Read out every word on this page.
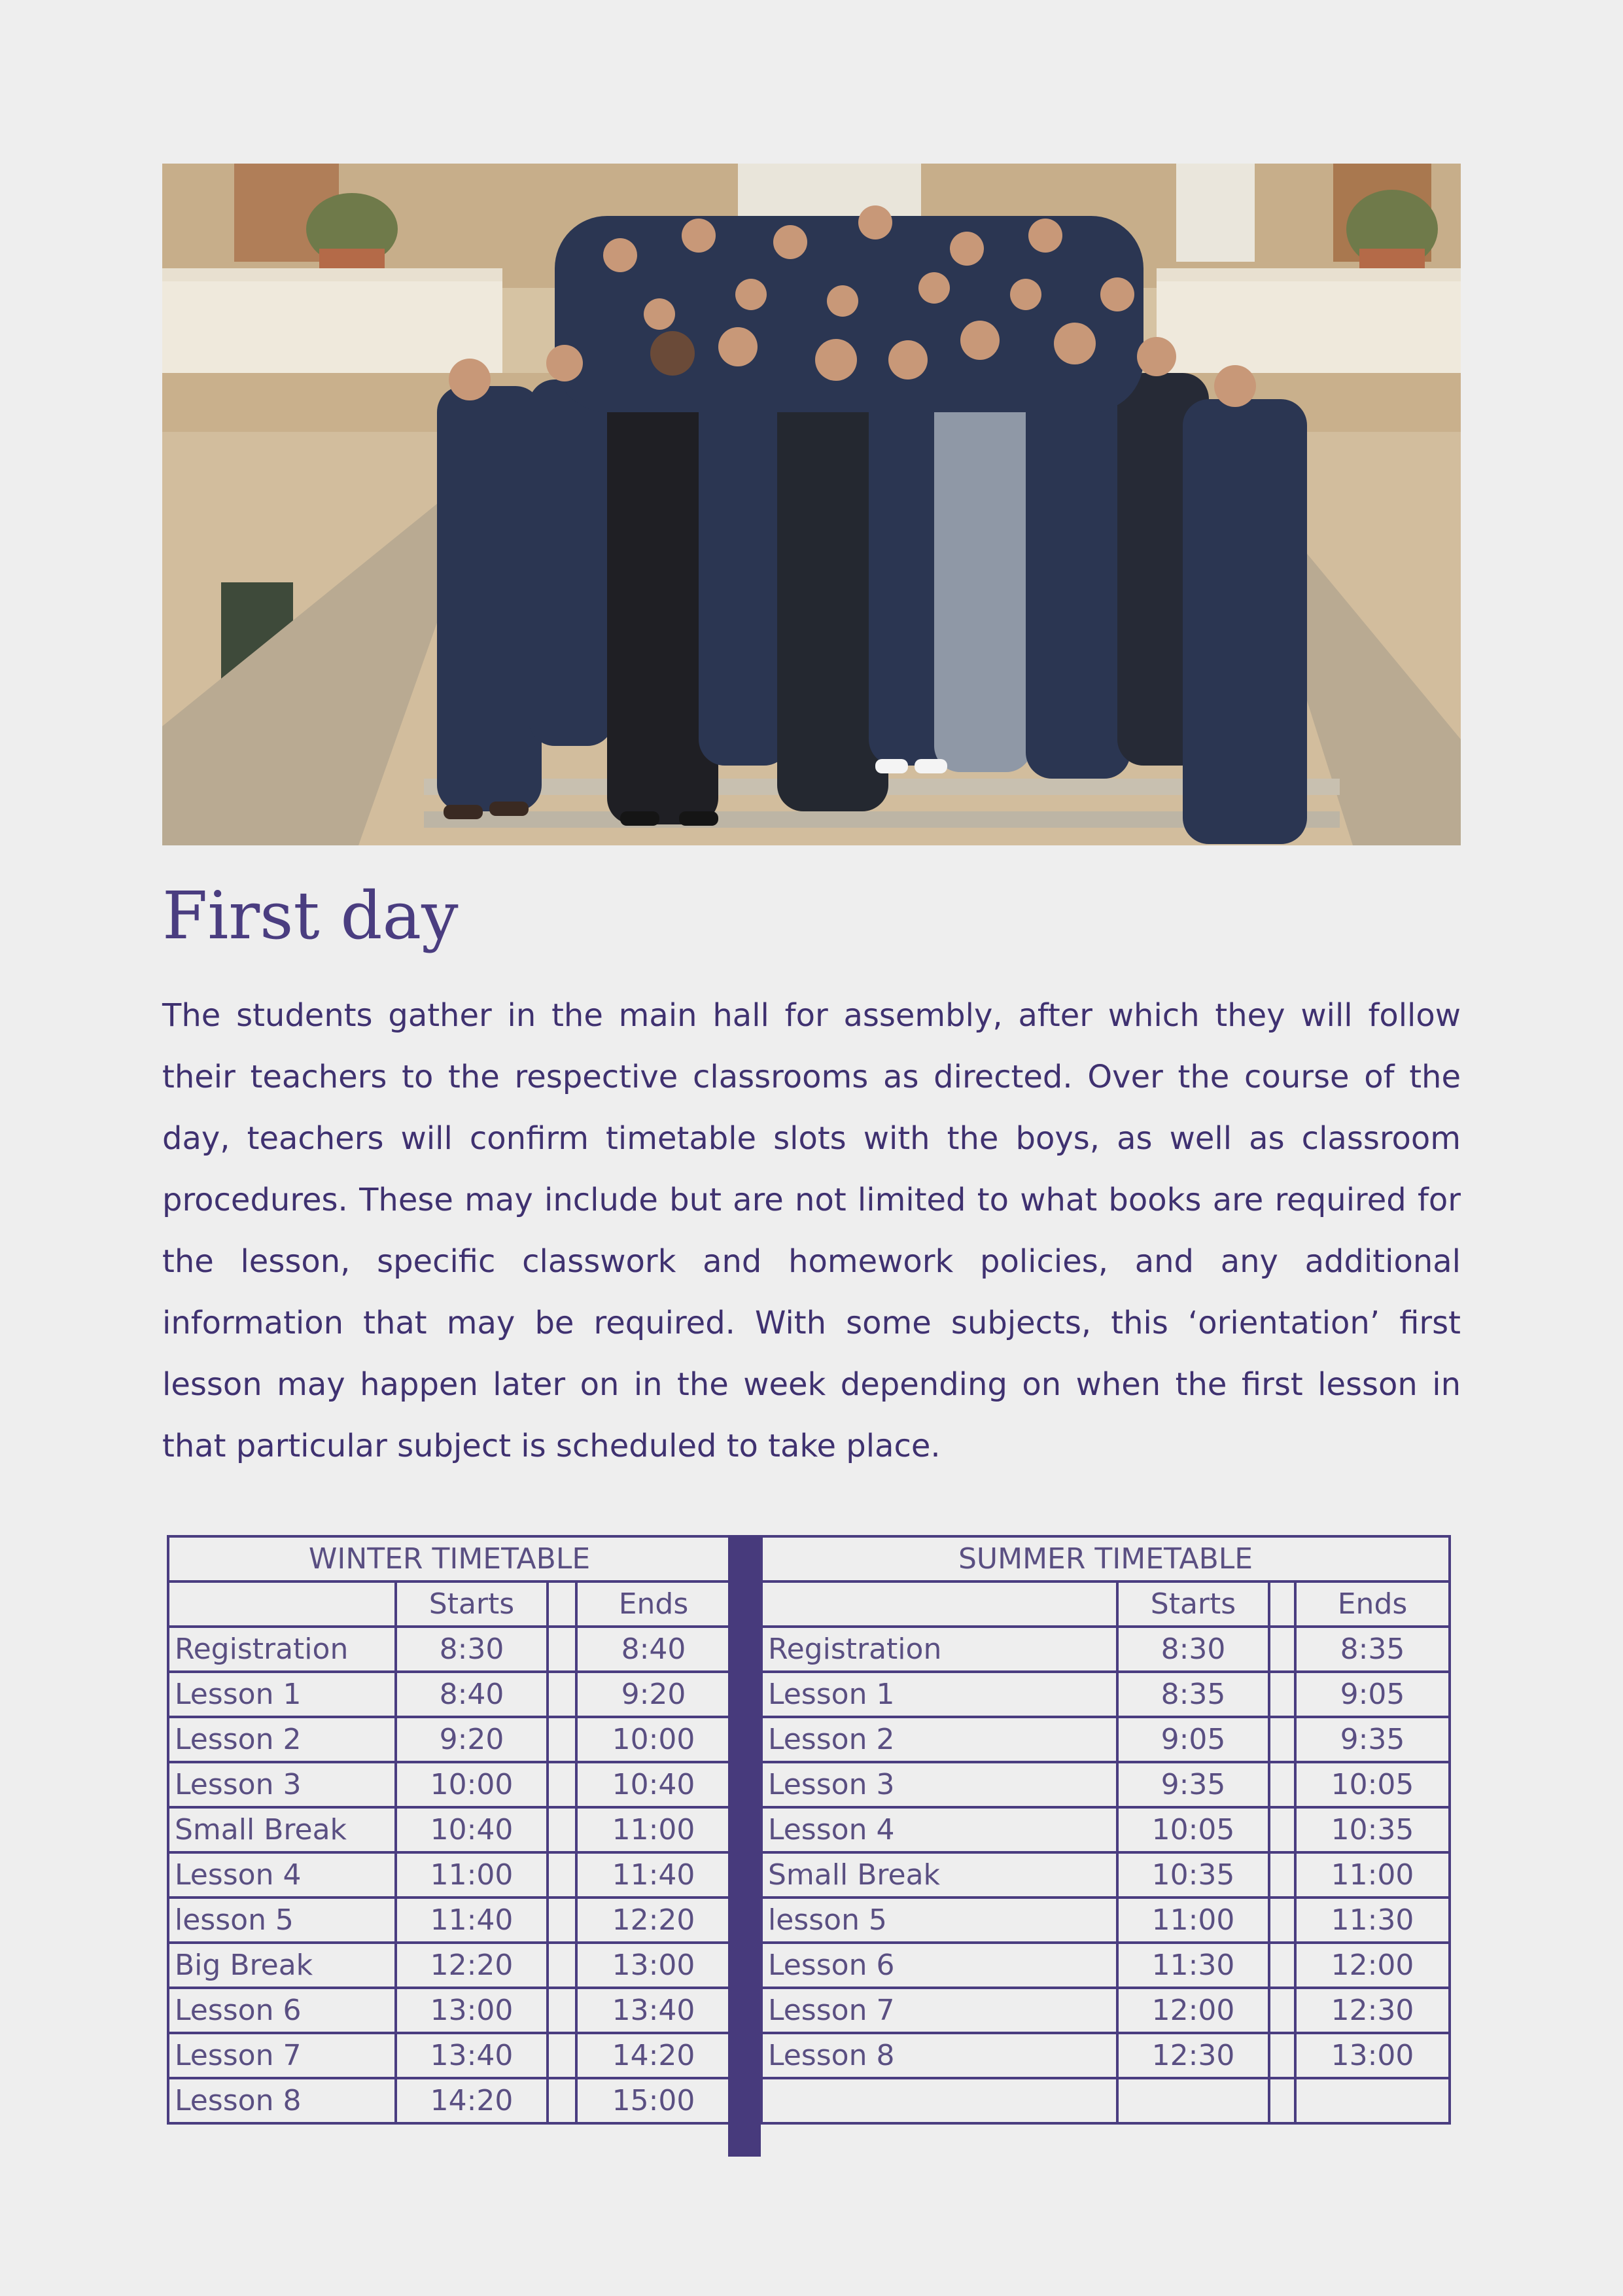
First day

The students gather in the main hall for assembly, after which they will follow their teachers to the respective classrooms as directed. Over the course of the day, teachers will confirm timetable slots with the boys, as well as classroom procedures. These may include but are not limited to what books are required for the lesson, specific classwork and homework policies, and any additional information that may be required. With some subjects, this ‘orientation’ first lesson may happen later on in the week depending on when the first lesson in that particular subject is scheduled to take place.

WINTER TIMETABLE			
	Starts		Ends
Registration	8:30		8:40
Lesson 1	8:40		9:20
Lesson 2	9:20		10:00
Lesson 3	10:00		10:40
Small Break	10:40		11:00
Lesson 4	11:00		11:40
lesson 5	11:40		12:20
Big Break	12:20		13:00
Lesson 6	13:00		13:40
Lesson 7	13:40		14:20
Lesson 8	14:20		15:00
SUMMER TIMETABLE			
	Starts		Ends
Registration	8:30		8:35
Lesson 1	8:35		9:05
Lesson 2	9:05		9:35
Lesson 3	9:35		10:05
Lesson 4	10:05		10:35
Small Break	10:35		11:00
lesson 5	11:00		11:30
Lesson 6	11:30		12:00
Lesson 7	12:00		12:30
Lesson 8	12:30		13:00
